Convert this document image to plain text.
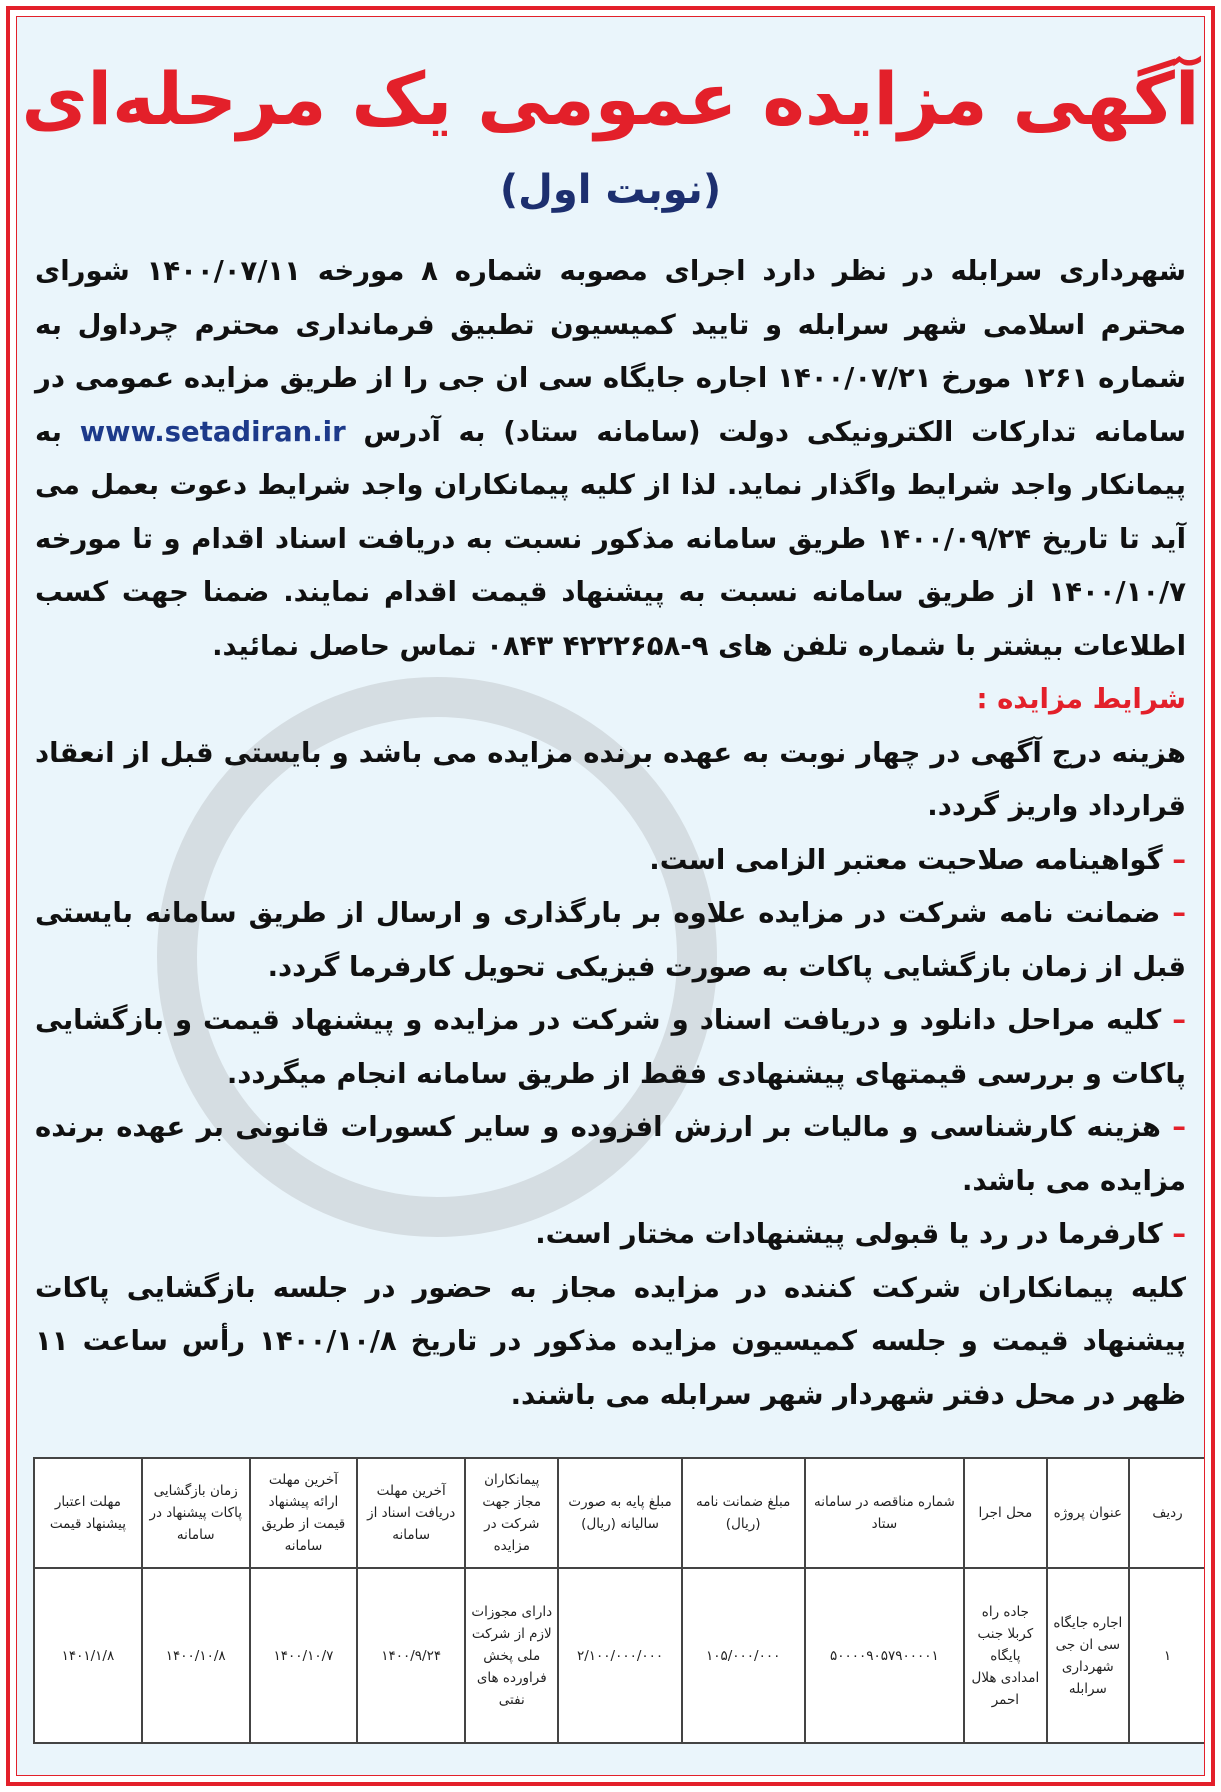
آگهی مزایده عمومی یک مرحله‌ای
(نوبت اول)

شهرداری سرابله در نظر دارد اجرای مصوبه شماره ۸ مورخه ۱۴۰۰/۰۷/۱۱ شورای محترم اسلامی شهر سرابله و تایید کمیسیون تطبیق فرمانداری محترم چرداول به شماره ۱۲۶۱ مورخ ۱۴۰۰/۰۷/۲۱ اجاره جایگاه سی ان جی را از طریق مزایده عمومی در سامانه تدارکات الکترونیکی دولت (سامانه ستاد) به آدرس www.setadiran.ir به پیمانکار واجد شرایط واگذار نماید. لذا از کلیه پیمانکاران واجد شرایط دعوت بعمل می آید تا تاریخ ۱۴۰۰/۰۹/۲۴ طریق سامانه مذکور نسبت به دریافت اسناد اقدام و تا مورخه ۱۴۰۰/۱۰/۷ از طریق سامانه نسبت به پیشنهاد قیمت اقدام نمایند. ضمنا جهت کسب اطلاعات بیشتر با شماره تلفن های ۹-۴۲۲۲۶۵۸ ۰۸۴۳ تماس حاصل نمائید.

شرایط مزایده :

هزینه درج آگهی در چهار نوبت به عهده برنده مزایده می باشد و بایستی قبل از انعقاد قرارداد واریز گردد.

– گواهینامه صلاحیت معتبر الزامی است.

– ضمانت نامه شرکت در مزایده علاوه بر بارگذاری و ارسال از طریق سامانه بایستی قبل از زمان بازگشایی پاکات به صورت فیزیکی تحویل کارفرما گردد.

– کلیه مراحل دانلود و دریافت اسناد و شرکت در مزایده و پیشنهاد قیمت و بازگشایی پاکات و بررسی قیمتهای پیشنهادی فقط از طریق سامانه انجام میگردد.

– هزینه کارشناسی و مالیات بر ارزش افزوده و سایر کسورات قانونی بر عهده برنده مزایده می باشد.

– کارفرما در رد یا قبولی پیشنهادات مختار است.

کلیه پیمانکاران شرکت کننده در مزایده مجاز به حضور در جلسه بازگشایی پاکات پیشنهاد قیمت و جلسه کمیسیون مزایده مذکور در تاریخ ۱۴۰۰/۱۰/۸ رأس ساعت ۱۱ ظهر در محل دفتر شهردار شهر سرابله می باشند.

ردیف	عنوان پروژه	محل اجرا	شماره مناقصه در سامانه ستاد	مبلغ ضمانت نامه (ریال)	مبلغ پایه به صورت سالیانه (ریال)	پیمانکاران مجاز جهت شرکت در مزایده	آخرین مهلت دریافت اسناد از سامانه	آخرین مهلت ارائه پیشنهاد قیمت از طریق سامانه	زمان بازگشایی پاکات پیشنهاد در سامانه	مهلت اعتبار پیشنهاد قیمت
۱	اجاره جایگاه سی ان جی شهرداری سرابله	جاده راه کربلا جنب پایگاه امدادی هلال احمر	۵۰۰۰۰۹۰۵۷۹۰۰۰۰۱	۱۰۵/۰۰۰/۰۰۰	۲/۱۰۰/۰۰۰/۰۰۰	دارای مجوزات لازم از شرکت ملی پخش فراورده های نفتی	۱۴۰۰/۹/۲۴	۱۴۰۰/۱۰/۷	۱۴۰۰/۱۰/۸	۱۴۰۱/۱/۸
